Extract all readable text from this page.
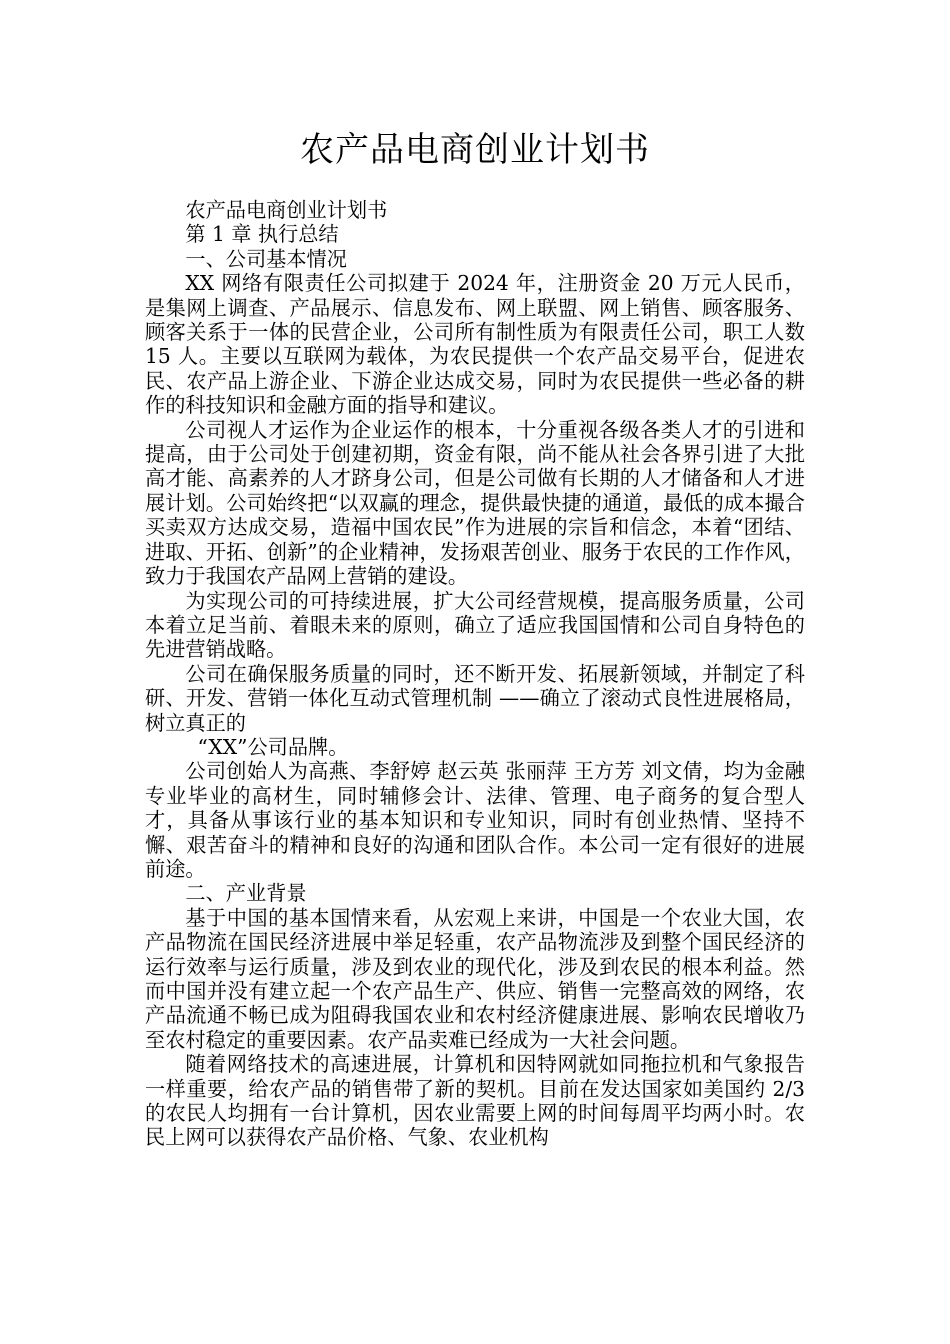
农产品电商创业计划书

农产品电商创业计划书

第 1 章 执行总结

一、公司基本情况

XX 网络有限责任公司拟建于 2024 年，注册资金 20 万元人民币，是集网上调查、产品展示、信息发布、网上联盟、网上销售、顾客服务、顾客关系于一体的民营企业，公司所有制性质为有限责任公司，职工人数 15 人。主要以互联网为载体，为农民提供一个农产品交易平台，促进农民、农产品上游企业、下游企业达成交易，同时为农民提供一些必备的耕作的科技知识和金融方面的指导和建议。

公司视人才运作为企业运作的根本，十分重视各级各类人才的引进和提高，由于公司处于创建初期，资金有限，尚不能从社会各界引进了大批高才能、高素养的人才跻身公司，但是公司做有长期的人才储备和人才进展计划。公司始终把“以双赢的理念，提供最快捷的通道，最低的成本撮合买卖双方达成交易，造福中国农民”作为进展的宗旨和信念，本着“团结、进取、开拓、创新”的企业精神，发扬艰苦创业、服务于农民的工作作风，致力于我国农产品网上营销的建设。

为实现公司的可持续进展，扩大公司经营规模，提高服务质量，公司本着立足当前、着眼未来的原则，确立了适应我国国情和公司自身特色的先进营销战略。

公司在确保服务质量的同时，还不断开发、拓展新领域，并制定了科研、开发、营销一体化互动式管理机制 ——确立了滚动式良性进展格局，树立真正的

“XX”公司品牌。

公司创始人为高燕、李舒婷 赵云英 张丽萍 王方芳 刘文倩，均为金融专业毕业的高材生，同时辅修会计、法律、管理、电子商务的复合型人才，具备从事该行业的基本知识和专业知识，同时有创业热情、坚持不懈、艰苦奋斗的精神和良好的沟通和团队合作。本公司一定有很好的进展前途。

二、产业背景

基于中国的基本国情来看，从宏观上来讲，中国是一个农业大国，农产品物流在国民经济进展中举足轻重，农产品物流涉及到整个国民经济的运行效率与运行质量，涉及到农业的现代化，涉及到农民的根本利益。然而中国并没有建立起一个农产品生产、供应、销售一完整高效的网络，农产品流通不畅已成为阻碍我国农业和农村经济健康进展、影响农民增收乃至农村稳定的重要因素。农产品卖难已经成为一大社会问题。

随着网络技术的高速进展，计算机和因特网就如同拖拉机和气象报告一样重要，给农产品的销售带了新的契机。目前在发达国家如美国约 2/3 的农民人均拥有一台计算机，因农业需要上网的时间每周平均两小时。农民上网可以获得农产品价格、气象、农业机构
